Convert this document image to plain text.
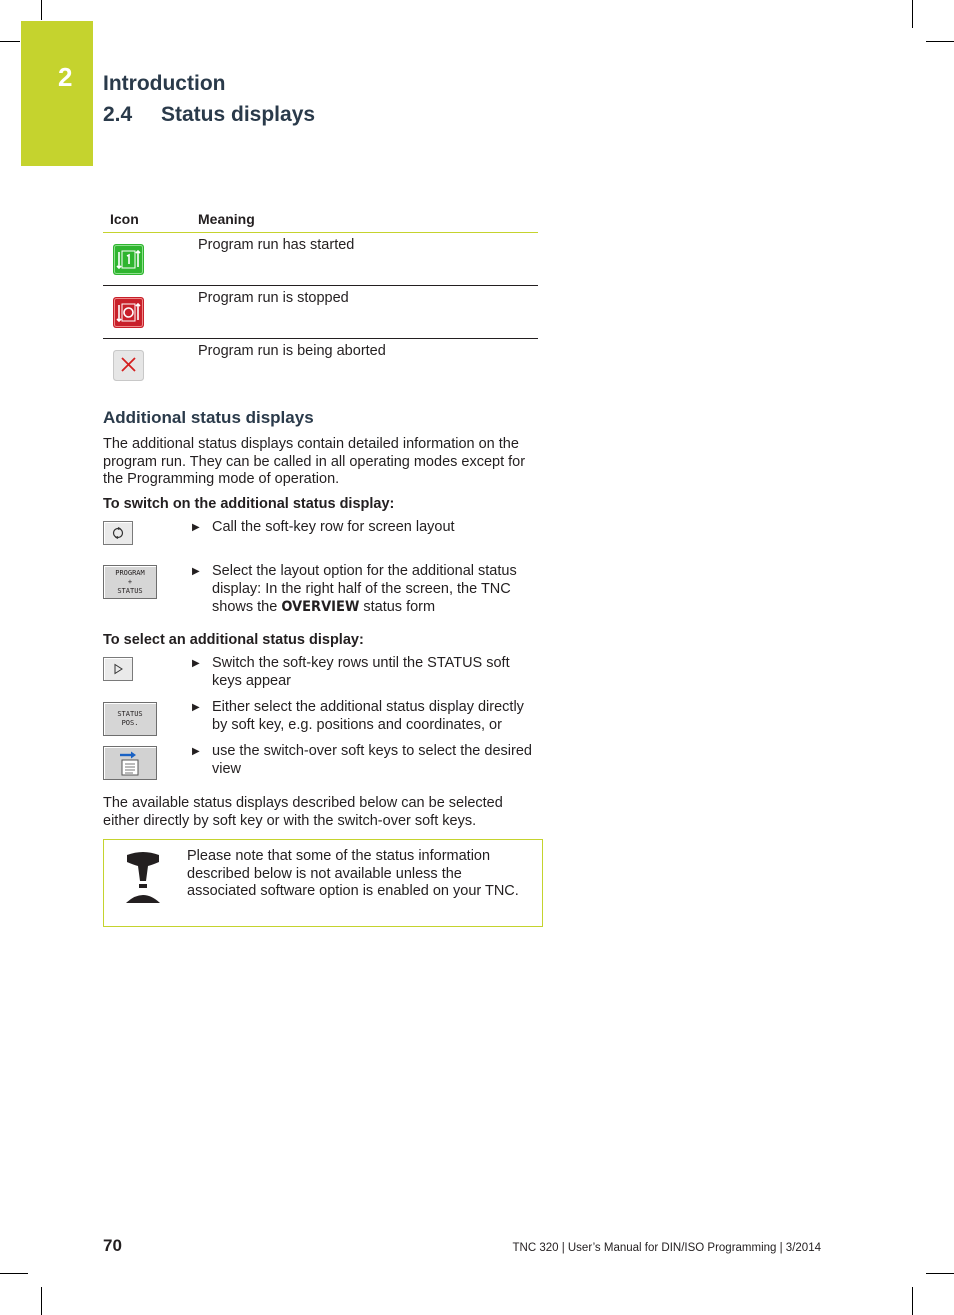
2 Introduction
2.4 Status displays
Icon	Meaning
Program run has started
Program run is stopped
Program run is being aborted
Additional status displays

The additional status displays contain detailed information on the program run. They can be called in all operating modes except for the Programming mode of operation.

To switch on the additional status display:
▶ Call the soft-key row for screen layout
PROGRAM
+
STATUS
▶ Select the layout option for the additional status display: In the right half of the screen, the TNC shows the OVERVIEW status form
To select an additional status display:
▶ Switch the soft-key rows until the STATUS soft keys appear
STATUS
POS.
▶ Either select the additional status display directly by soft key, e.g. positions and coordinates, or
▶ use the switch-over soft keys to select the desired view

The available status displays described below can be selected either directly by soft key or with the switch-over soft keys.

Please note that some of the status information described below is not available unless the associated software option is enabled on your TNC.
70	TNC 320 | User’s Manual for DIN/ISO Programming | 3/2014
